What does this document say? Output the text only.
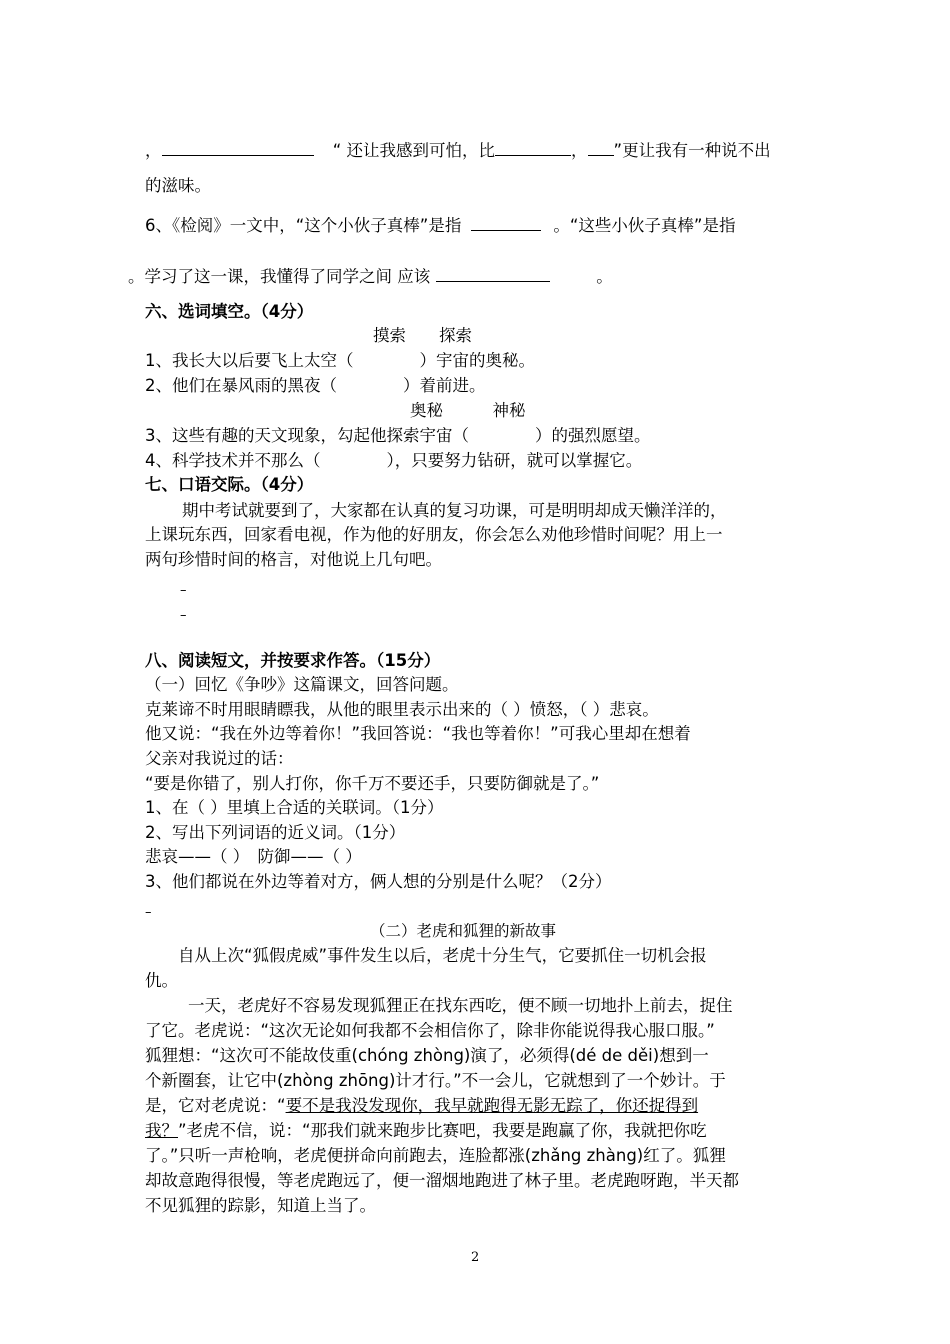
，	“ 还让我感到可怕，比	， ”更让我有一种说不出
的滋味。
6、《检阅》一文中，“这个小伙子真棒”是指	。“这些小伙子真棒”是指
。学习了这一课，我懂得了同学之间 应该	。
六、选词填空。（4分）
摸索　　探索
1、我长大以后要飞上太空（　　　　）宇宙的奥秘。
2、他们在暴风雨的黑夜（　　　　）着前进。
奥秘　　　神秘
3、这些有趣的天文现象，勾起他探索宇宙（　　　　）的强烈愿望。
4、科学技术并不那么（　　　　），只要努力钻研，就可以掌握它。
七、口语交际。（4分）
期中考试就要到了，大家都在认真的复习功课，可是明明却成天懒洋洋的，
上课玩东西，回家看电视，作为他的好朋友，你会怎么劝他珍惜时间呢？用上一
两句珍惜时间的格言，对他说上几句吧。
–
–
八、阅读短文，并按要求作答。（15分）
（一）回忆《争吵》这篇课文，回答问题。
克莱谛不时用眼睛瞟我，从他的眼里表示出来的（ ）愤怒，（ ）悲哀。
他又说：“我在外边等着你！”我回答说：“我也等着你！”可我心里却在想着
父亲对我说过的话：
“要是你错了，别人打你，你千万不要还手，只要防御就是了。”
1、在（ ）里填上合适的关联词。（1分）
2、写出下列词语的近义词。（1分）
悲哀——（ ）　防御——（ ）
3、他们都说在外边等着对方，俩人想的分别是什么呢？（2分）
–
（二）老虎和狐狸的新故事
自从上次“狐假虎威”事件发生以后，老虎十分生气，它要抓住一切机会报
仇。
一天，老虎好不容易发现狐狸正在找东西吃，便不顾一切地扑上前去，捉住
了它。老虎说：“这次无论如何我都不会相信你了，除非你能说得我心服口服。”
狐狸想：“这次可不能故伎重(chóng zhòng)演了，必须得(dé de děi)想到一
个新圈套，让它中(zhòng zhōng)计才行。”不一会儿，它就想到了一个妙计。于
是，它对老虎说：“要不是我没发现你，我早就跑得无影无踪了，你还捉得到
我？”老虎不信，说：“那我们就来跑步比赛吧，我要是跑赢了你，我就把你吃
了。”只听一声枪响，老虎便拼命向前跑去，连脸都涨(zhǎng zhàng)红了。狐狸
却故意跑得很慢，等老虎跑远了，便一溜烟地跑进了林子里。老虎跑呀跑，半天都
不见狐狸的踪影，知道上当了。
2
